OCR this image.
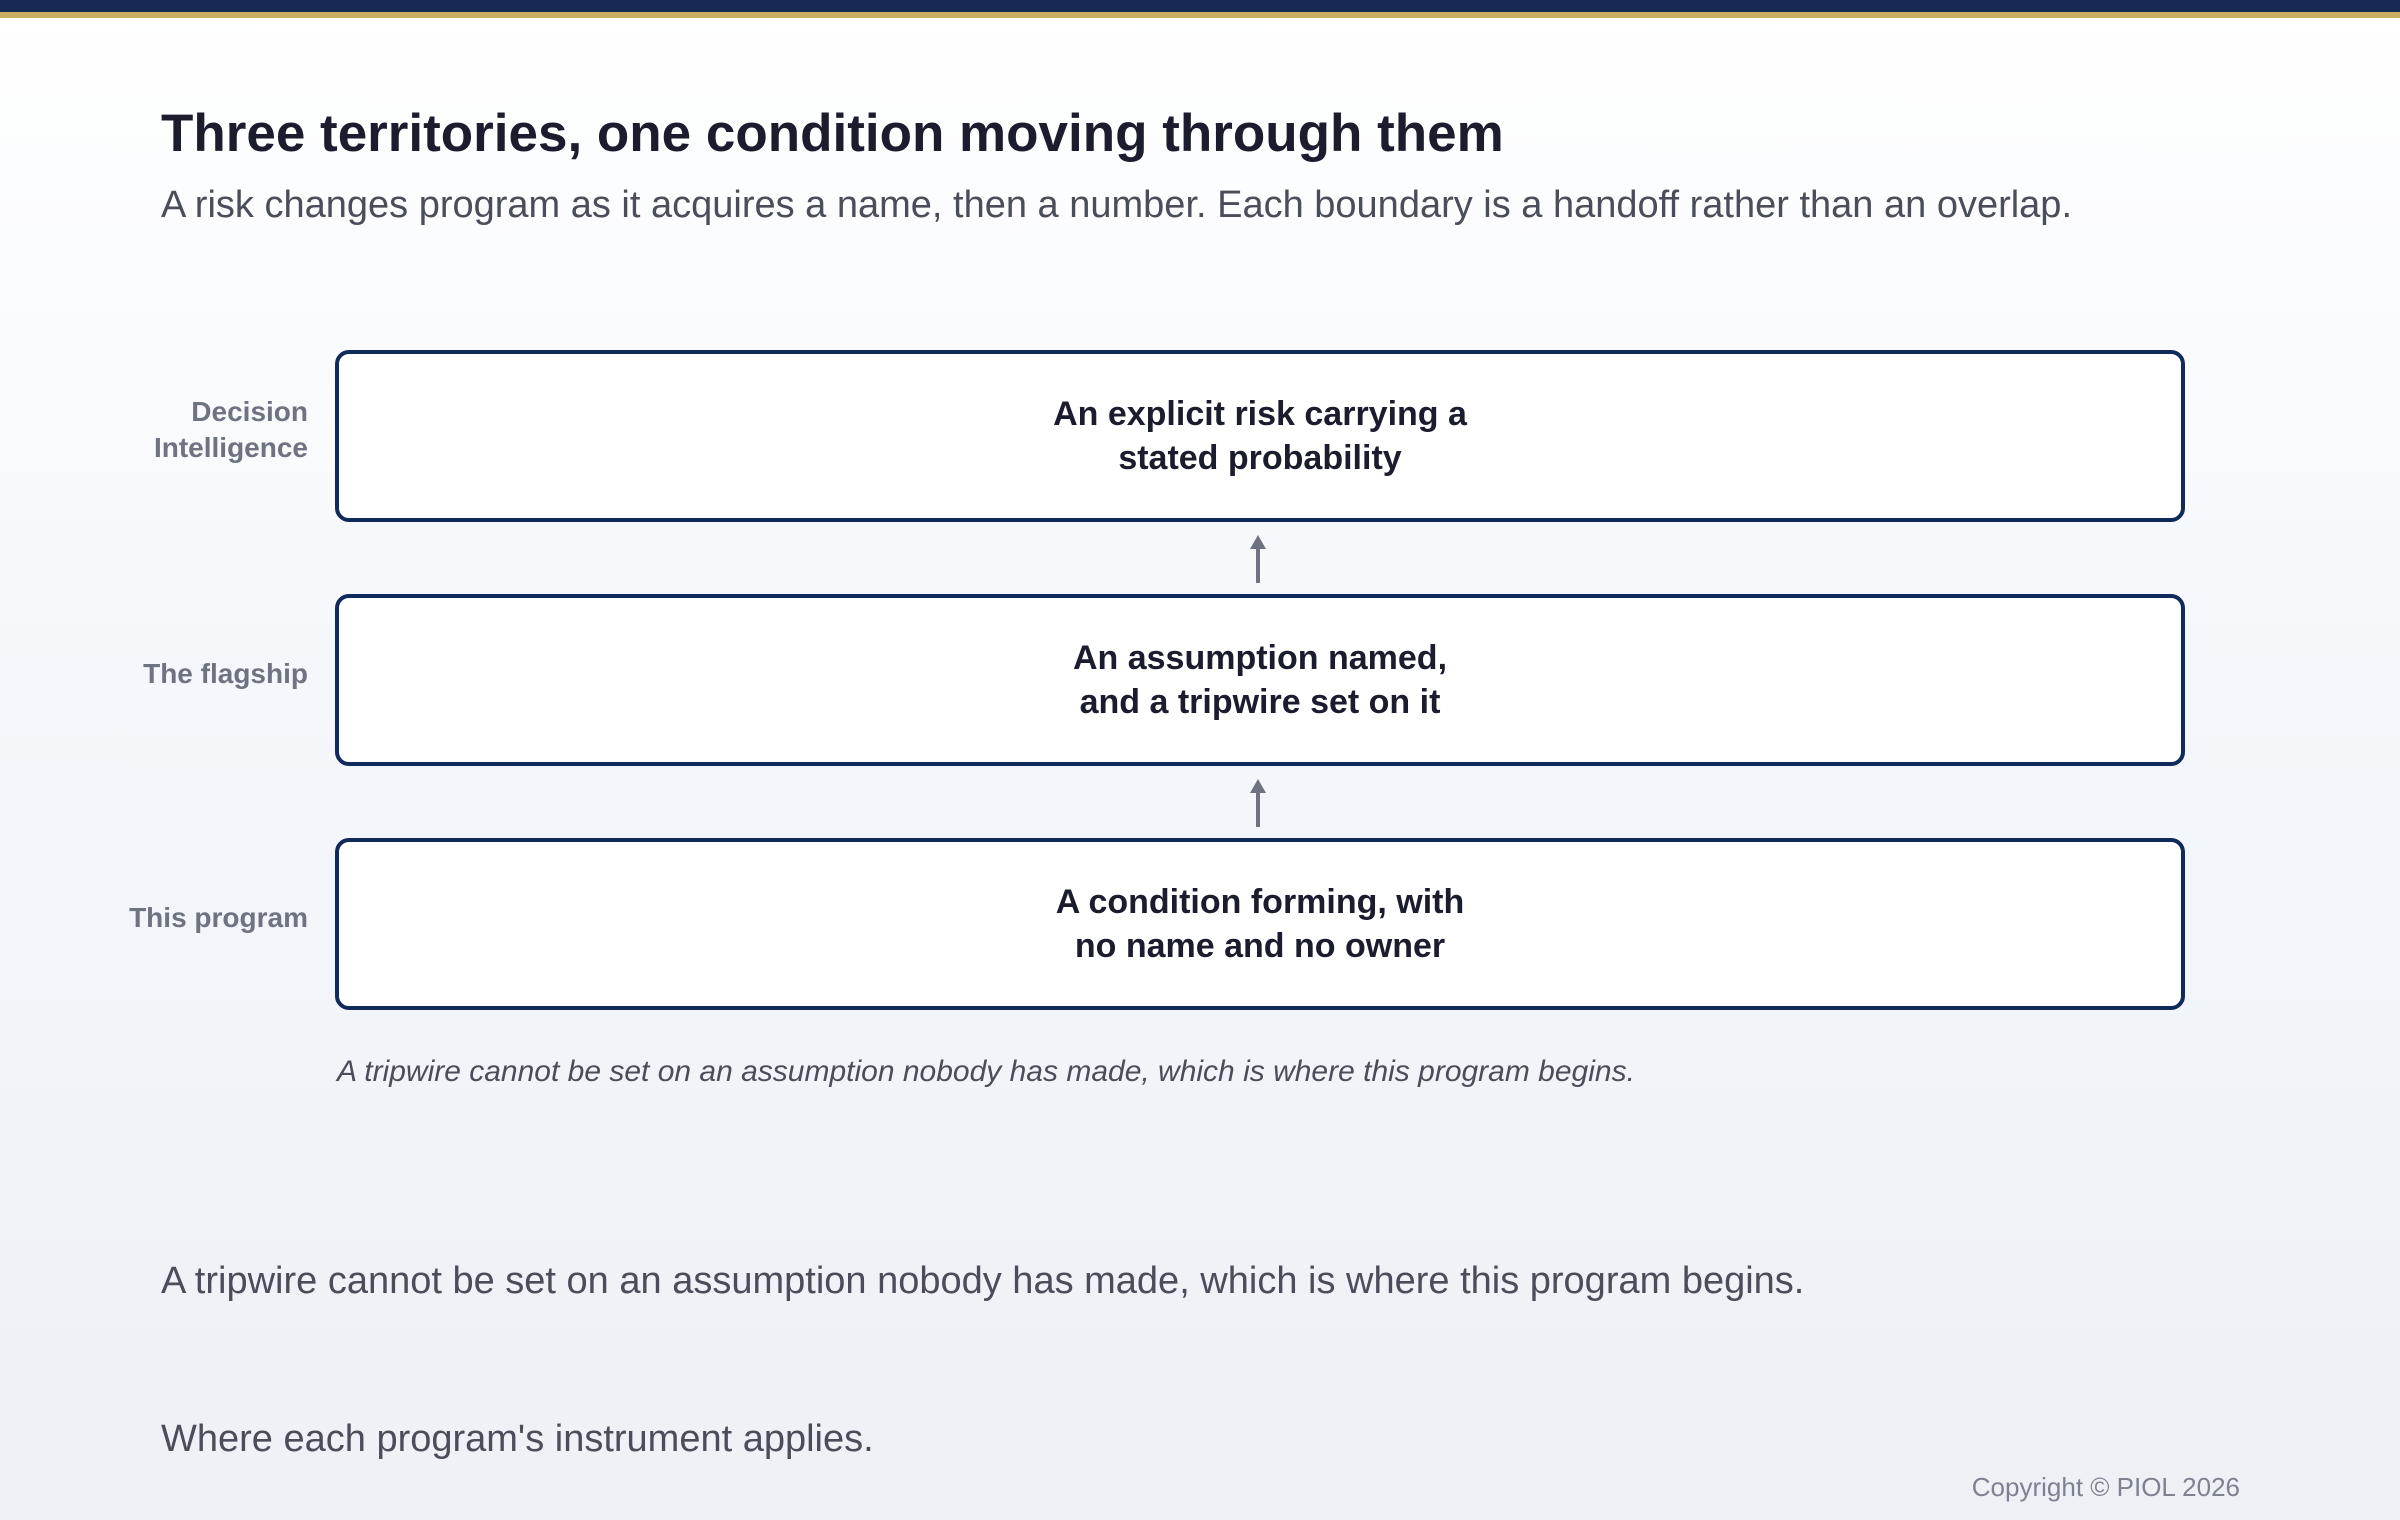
Three territories, one condition moving through them

A risk changes program as it acquires a name, then a number. Each boundary is a handoff rather than an overlap.

Decision Intelligence
An explicit risk carrying a stated probability
The flagship	An assumption named, and a tripwire set on it
This program	A condition forming, with no name and no owner

A tripwire cannot be set on an assumption nobody has made, which is where this program begins.

A tripwire cannot be set on an assumption nobody has made, which is where this program begins.

Where each program's instrument applies.

Copyright © PIOL 2026
